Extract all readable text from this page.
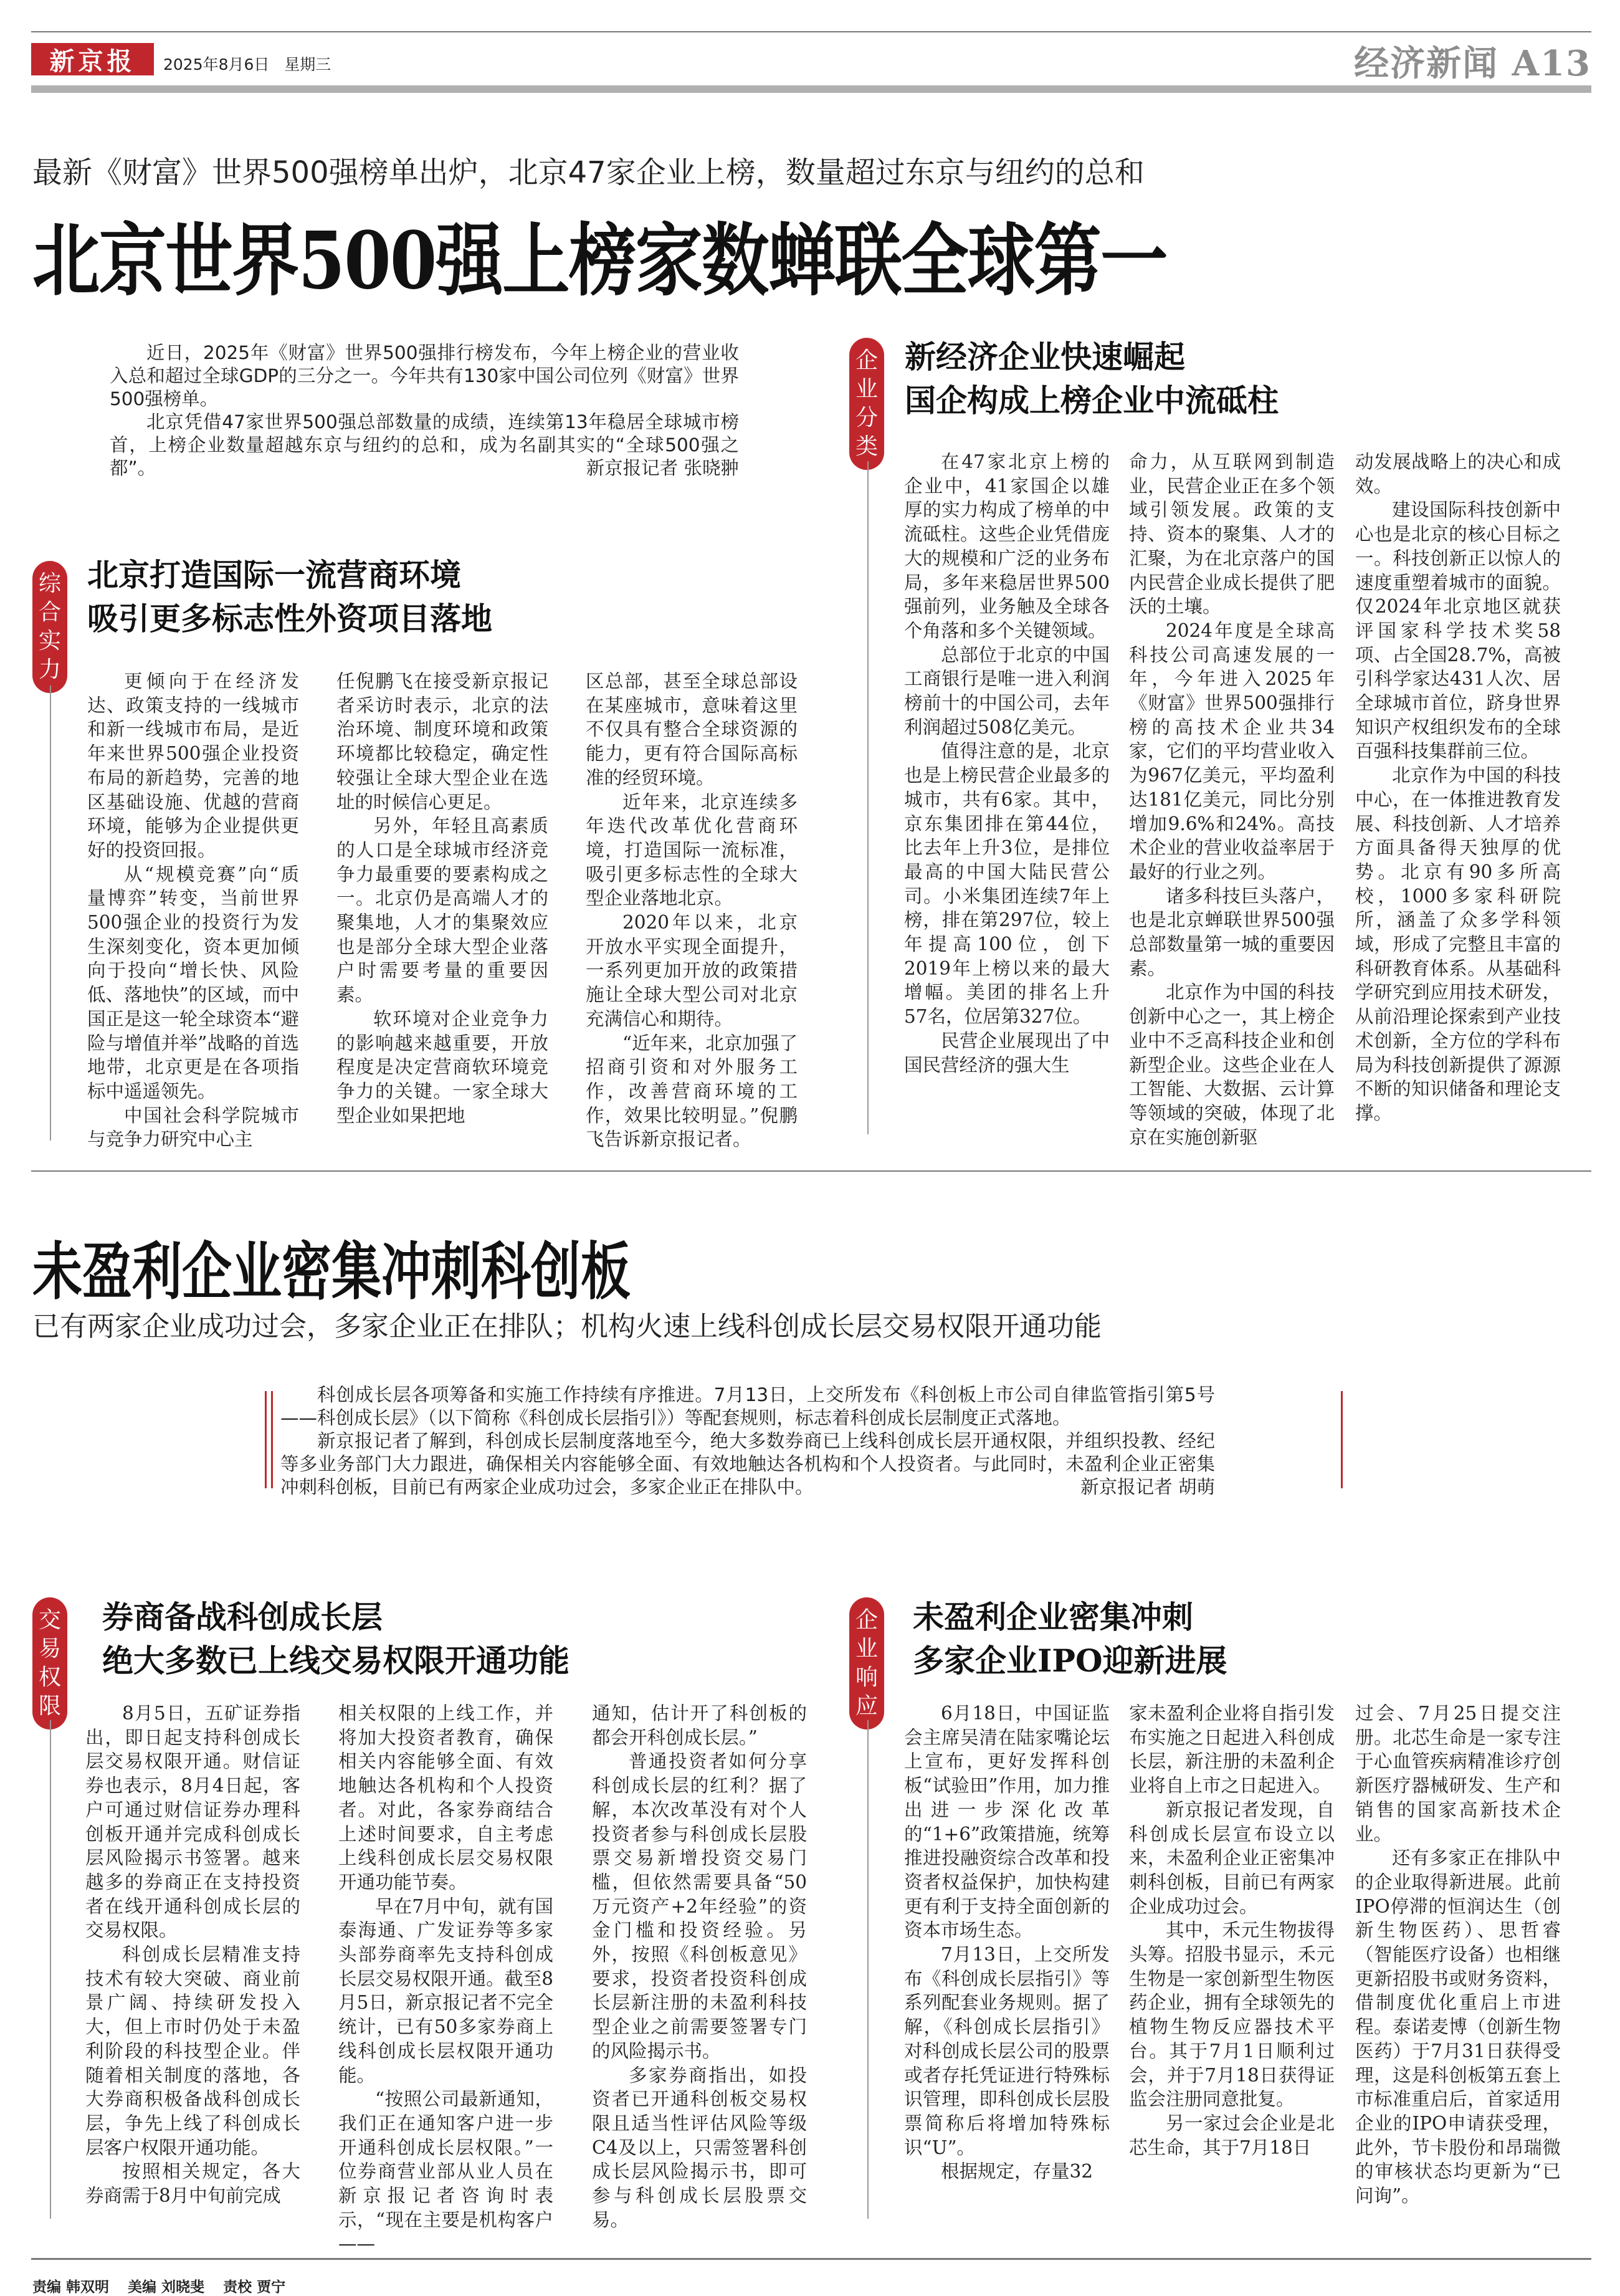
新京报	2025年8月6日 星期三	经济新闻 A13
最新《财富》世界500强榜单出炉，北京47家企业上榜，数量超过东京与纽约的总和
北京世界500强上榜家数蝉联全球第一

近日，2025年《财富》世界500强排行榜发布，今年上榜企业的营业收入总和超过全球GDP的三分之一。今年共有130家中国公司位列《财富》世界500强榜单。

北京凭借47家世界500强总部数量的成绩，连续第13年稳居全球城市榜首，上榜企业数量超越东京与纽约的总和，成为名副其实的“全球500强之都”。	新京报记者 张晓翀

综合实力
北京打造国际一流营商环境
吸引更多标志性外资项目落地

更倾向于在经济发达、政策支持的一线城市和新一线城市布局，是近年来世界500强企业投资布局的新趋势，完善的地区基础设施、优越的营商环境，能够为企业提供更好的投资回报。

从“规模竞赛”向“质量博弈”转变，当前世界500强企业的投资行为发生深刻变化，资本更加倾向于投向“增长快、风险低、落地快”的区域，而中国正是这一轮全球资本“避险与增值并举”战略的首选地带，北京更是在各项指标中遥遥领先。

中国社会科学院城市与竞争力研究中心主

任倪鹏飞在接受新京报记者采访时表示，北京的法治环境、制度环境和政策环境都比较稳定，确定性较强让全球大型企业在选址的时候信心更足。

另外，年轻且高素质的人口是全球城市经济竞争力最重要的要素构成之一。北京仍是高端人才的聚集地，人才的集聚效应也是部分全球大型企业落户时需要考量的重要因素。

软环境对企业竞争力的影响越来越重要，开放程度是决定营商软环境竞争力的关键。一家全球大型企业如果把地

区总部，甚至全球总部设在某座城市，意味着这里不仅具有整合全球资源的能力，更有符合国际高标准的经贸环境。

近年来，北京连续多年迭代改革优化营商环境，打造国际一流标准，吸引更多标志性的全球大型企业落地北京。

2020年以来，北京开放水平实现全面提升，一系列更加开放的政策措施让全球大型公司对北京充满信心和期待。

“近年来，北京加强了招商引资和对外服务工作，改善营商环境的工作，效果比较明显。”倪鹏飞告诉新京报记者。

企业分类
新经济企业快速崛起
国企构成上榜企业中流砥柱

在47家北京上榜的企业中，41家国企以雄厚的实力构成了榜单的中流砥柱。这些企业凭借庞大的规模和广泛的业务布局，多年来稳居世界500强前列，业务触及全球各个角落和多个关键领域。

总部位于北京的中国工商银行是唯一进入利润榜前十的中国公司，去年利润超过508亿美元。

值得注意的是，北京也是上榜民营企业最多的城市，共有6家。其中，京东集团排在第44位，比去年上升3位，是排位最高的中国大陆民营公司。小米集团连续7年上榜，排在第297位，较上年提高100位，创下2019年上榜以来的最大增幅。美团的排名上升57名，位居第327位。

民营企业展现出了中国民营经济的强大生

命力，从互联网到制造业，民营企业正在多个领域引领发展。政策的支持、资本的聚集、人才的汇聚，为在北京落户的国内民营企业成长提供了肥沃的土壤。

2024年度是全球高科技公司高速发展的一年，今年进入2025年《财富》世界500强排行榜的高技术企业共34家，它们的平均营业收入为967亿美元，平均盈利达181亿美元，同比分别增加9.6%和24%。高技术企业的营业收益率居于最好的行业之列。

诸多科技巨头落户，也是北京蝉联世界500强总部数量第一城的重要因素。

北京作为中国的科技创新中心之一，其上榜企业中不乏高科技企业和创新型企业。这些企业在人工智能、大数据、云计算等领域的突破，体现了北京在实施创新驱

动发展战略上的决心和成效。

建设国际科技创新中心也是北京的核心目标之一。科技创新正以惊人的速度重塑着城市的面貌。仅2024年北京地区就获评国家科学技术奖58项、占全国28.7%，高被引科学家达431人次、居全球城市首位，跻身世界知识产权组织发布的全球百强科技集群前三位。

北京作为中国的科技中心，在一体推进教育发展、科技创新、人才培养方面具备得天独厚的优势。北京有90多所高校，1000多家科研院所，涵盖了众多学科领域，形成了完整且丰富的科研教育体系。从基础科学研究到应用技术研发，从前沿理论探索到产业技术创新，全方位的学科布局为科技创新提供了源源不断的知识储备和理论支撑。

未盈利企业密集冲刺科创板
已有两家企业成功过会，多家企业正在排队；机构火速上线科创成长层交易权限开通功能

科创成长层各项筹备和实施工作持续有序推进。7月13日，上交所发布《科创板上市公司自律监管指引第5号——科创成长层》（以下简称《科创成长层指引》）等配套规则，标志着科创成长层制度正式落地。

新京报记者了解到，科创成长层制度落地至今，绝大多数券商已上线科创成长层开通权限，并组织投教、经纪等多业务部门大力跟进，确保相关内容能够全面、有效地触达各机构和个人投资者。与此同时，未盈利企业正密集冲刺科创板，目前已有两家企业成功过会，多家企业正在排队中。	新京报记者 胡萌

交易权限
券商备战科创成长层
绝大多数已上线交易权限开通功能

8月5日，五矿证券指出，即日起支持科创成长层交易权限开通。财信证券也表示，8月4日起，客户可通过财信证券办理科创板开通并完成科创成长层风险揭示书签署。越来越多的券商正在支持投资者在线开通科创成长层的交易权限。

科创成长层精准支持技术有较大突破、商业前景广阔、持续研发投入大，但上市时仍处于未盈利阶段的科技型企业。伴随着相关制度的落地，各大券商积极备战科创成长层，争先上线了科创成长层客户权限开通功能。

按照相关规定，各大券商需于8月中旬前完成

相关权限的上线工作，并将加大投资者教育，确保相关内容能够全面、有效地触达各机构和个人投资者。对此，各家券商结合上述时间要求，自主考虑上线科创成长层交易权限开通功能节奏。

早在7月中旬，就有国泰海通、广发证券等多家头部券商率先支持科创成长层交易权限开通。截至8月5日，新京报记者不完全统计，已有50多家券商上线科创成长层权限开通功能。

“按照公司最新通知，我们正在通知客户进一步开通科创成长层权限。”一位券商营业部从业人员在新京报记者咨询时表示，“现在主要是机构客户——

通知，估计开了科创板的都会开科创成长层。”

普通投资者如何分享科创成长层的红利？据了解，本次改革没有对个人投资者参与科创成长层股票交易新增投资交易门槛，但依然需要具备“50万元资产+2年经验”的资金门槛和投资经验。另外，按照《科创板意见》要求，投资者投资科创成长层新注册的未盈利科技型企业之前需要签署专门的风险揭示书。

多家券商指出，如投资者已开通科创板交易权限且适当性评估风险等级C4及以上，只需签署科创成长层风险揭示书，即可参与科创成长层股票交易。

企业响应
未盈利企业密集冲刺
多家企业IPO迎新进展

6月18日，中国证监会主席吴清在陆家嘴论坛上宣布，更好发挥科创板“试验田”作用，加力推出进一步深化改革的“1+6”政策措施，统筹推进投融资综合改革和投资者权益保护，加快构建更有利于支持全面创新的资本市场生态。

7月13日，上交所发布《科创成长层指引》等系列配套业务规则。据了解，《科创成长层指引》对科创成长层公司的股票或者存托凭证进行特殊标识管理，即科创成长层股票简称后将增加特殊标识“U”。

根据规定，存量32

家未盈利企业将自指引发布实施之日起进入科创成长层，新注册的未盈利企业将自上市之日起进入。

新京报记者发现，自科创成长层宣布设立以来，未盈利企业正密集冲刺科创板，目前已有两家企业成功过会。

其中，禾元生物拔得头筹。招股书显示，禾元生物是一家创新型生物医药企业，拥有全球领先的植物生物反应器技术平台。其于7月1日顺利过会，并于7月18日获得证监会注册同意批复。

另一家过会企业是北芯生命，其于7月18日

过会、7月25日提交注册。北芯生命是一家专注于心血管疾病精准诊疗创新医疗器械研发、生产和销售的国家高新技术企业。

还有多家正在排队中的企业取得新进展。此前IPO停滞的恒润达生（创新生物医药）、思哲睿（智能医疗设备）也相继更新招股书或财务资料，借制度优化重启上市进程。泰诺麦博（创新生物医药）于7月31日获得受理，这是科创板第五套上市标准重启后，首家适用企业的IPO申请获受理，此外，节卡股份和昂瑞微的审核状态均更新为“已问询”。

责编 韩双明 美编 刘晓斐 责校 贾宁
